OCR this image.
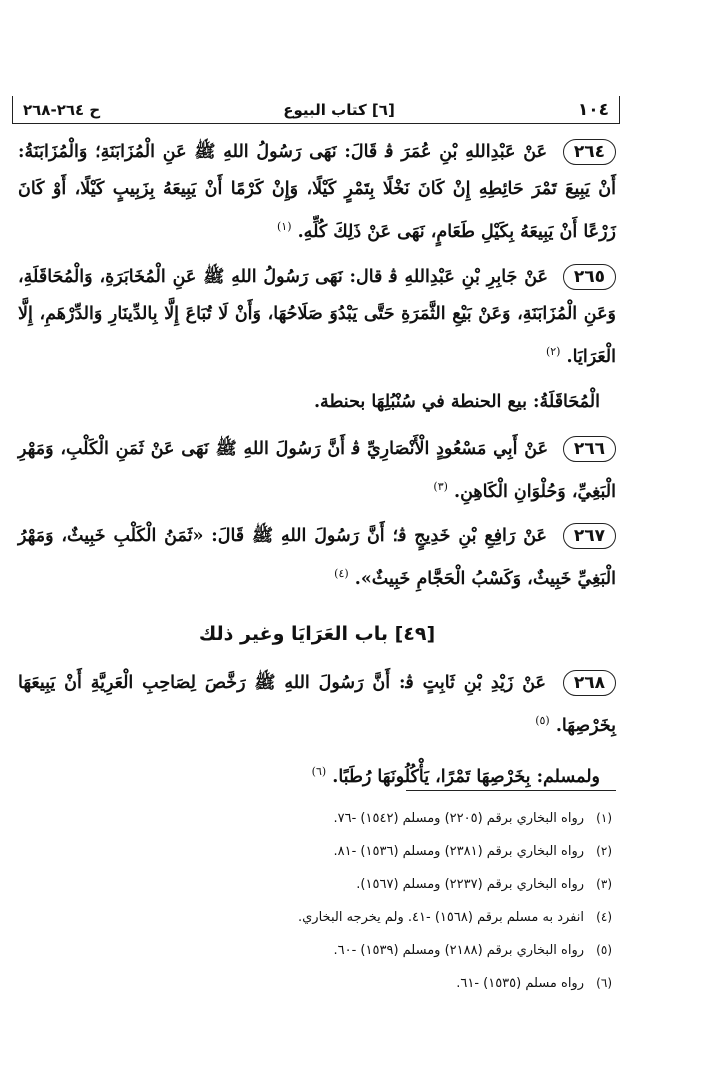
١٠٤
[٦] كتاب البيوع
ح ٢٦٤-٢٦٨

٢٦٤ عَنْ عَبْدِاللهِ بْنِ عُمَرَ ﭬ قَالَ: نَهَى رَسُولُ اللهِ ﷺ عَنِ الْمُزَابَنَةِ؛ وَالْمُزَابَنَةُ: أَنْ يَبِيعَ تَمْرَ حَائِطِهِ إِنْ كَانَ نَخْلًا بِتَمْرٍ كَيْلًا، وَإِنْ كَرْمًا أَنْ يَبِيعَهُ بِزَبِيبٍ كَيْلًا، أَوْ كَانَ زَرْعًا أَنْ يَبِيعَهُ بِكَيْلِ طَعَامٍ، نَهَى عَنْ ذَلِكَ كُلِّهِ. $^{(١)}$

٢٦٥ عَنْ جَابِرِ بْنِ عَبْدِاللهِ ﭬ قال: نَهَى رَسُولُ اللهِ ﷺ عَنِ الْمُخَابَرَةِ، وَالْمُحَاقَلَةِ، وَعَنِ الْمُزَابَنَةِ، وَعَنْ بَيْعِ الثَّمَرَةِ حَتَّى يَبْدُوَ صَلَاحُهَا، وَأَنْ لَا تُبَاعَ إِلَّا بِالدِّينَارِ وَالدِّرْهَمِ، إِلَّا الْعَرَايَا. $^{(٢)}$

الْمُحَاقَلَةُ: بيع الحنطة في سُنْبُلِهَا بحنطة.

٢٦٦ عَنْ أَبِي مَسْعُودٍ الْأَنْصَارِيِّ ﭬ أَنَّ رَسُولَ اللهِ ﷺ نَهَى عَنْ ثَمَنِ الْكَلْبِ، وَمَهْرِ الْبَغِيِّ، وَحُلْوَانِ الْكَاهِنِ. $^{(٣)}$

٢٦٧ عَنْ رَافِعِ بْنِ خَدِيجٍ ﭬ؛ أَنَّ رَسُولَ اللهِ ﷺ قَالَ: «ثَمَنُ الْكَلْبِ خَبِيثٌ، وَمَهْرُ الْبَغِيِّ خَبِيثٌ، وَكَسْبُ الْحَجَّامِ خَبِيثٌ». $^{(٤)}$

[٤٩] باب العَرَايَا وغير ذلك

٢٦٨ عَنْ زَيْدِ بْنِ ثَابِتٍ ﭬ: أَنَّ رَسُولَ اللهِ ﷺ رَخَّصَ لِصَاحِبِ الْعَرِيَّةِ أَنْ يَبِيعَهَا بِخَرْصِهَا. $^{(٥)}$

ولمسلم: بِخَرْصِهَا تَمْرًا، يَأْكُلُونَهَا رُطَبًا. $^{(٦)}$

(١)
رواه البخاري برقم (٢٢٠٥) ومسلم (١٥٤٢) -٧٦.
(٢)
رواه البخاري برقم (٢٣٨١) ومسلم (١٥٣٦) -٨١.
(٣)
رواه البخاري برقم (٢٢٣٧) ومسلم (١٥٦٧).
(٤)
انفرد به مسلم برقم (١٥٦٨) -٤١. ولم يخرجه البخاري.
(٥)
رواه البخاري برقم (٢١٨٨) ومسلم (١٥٣٩) -٦٠.
(٦)
رواه مسلم (١٥٣٥) -٦١.
